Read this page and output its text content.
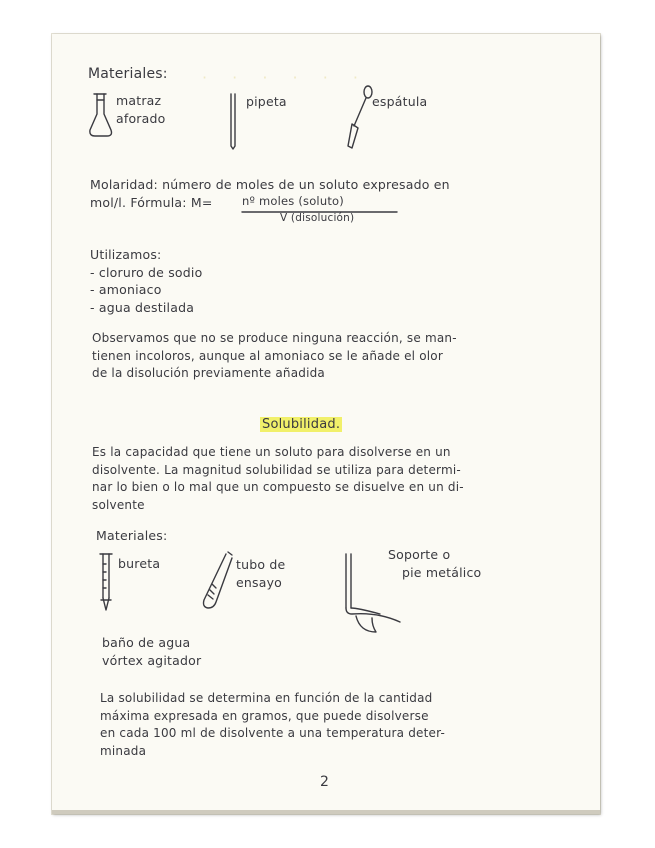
· · · · · ·
Materiales:
matraz
aforado
pipeta	espátula
Molaridad: número de moles de un soluto expresado en
mol/l. Fórmula: M=	nº moles (soluto)
V (disolución)
Utilizamos:
- cloruro de sodio
- amoniaco
- agua destilada
Observamos que no se produce ninguna reacción, se man-
tienen incoloros, aunque al amoniaco se le añade el olor
de la disolución previamente añadida
Solubilidad.
Es la capacidad que tiene un soluto para disolverse en un
disolvente. La magnitud solubilidad se utiliza para determi-
nar lo bien o lo mal que un compuesto se disuelve en un di-
solvente
Materiales:
bureta	tubo de
ensayo
Soporte o
pie metálico
baño de agua
vórtex agitador
La solubilidad se determina en función de la cantidad
máxima expresada en gramos, que puede disolverse
en cada 100 ml de disolvente a una temperatura deter-
minada
2
